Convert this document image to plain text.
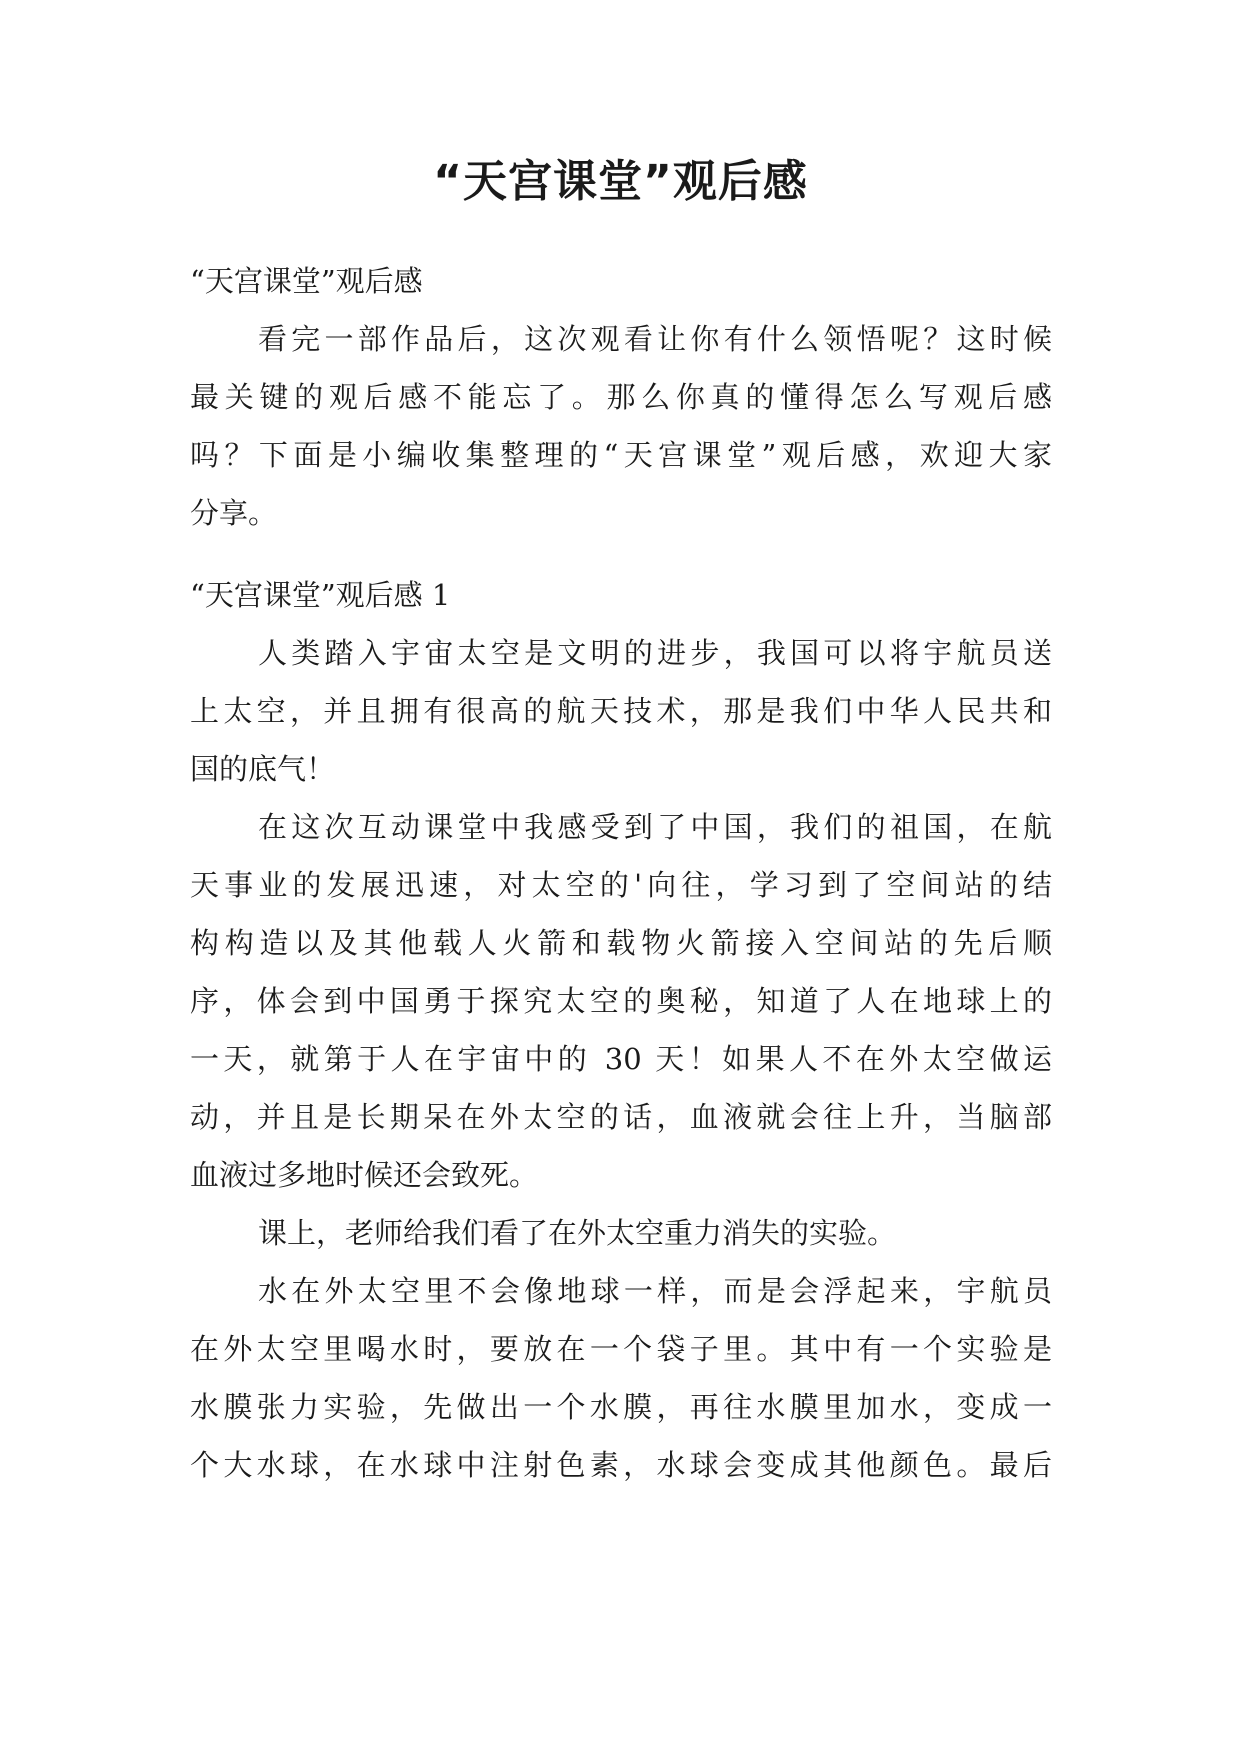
“天宫课堂”观后感
“天宫课堂”观后感
看完一部作品后，这次观看让你有什么领悟呢？这时候
最关键的观后感不能忘了。那么你真的懂得怎么写观后感
吗？下面是小编收集整理的“天宫课堂”观后感，欢迎大家
分享。
“天宫课堂”观后感 1
人类踏入宇宙太空是文明的进步，我国可以将宇航员送
上太空，并且拥有很高的航天技术，那是我们中华人民共和
国的底气！
在这次互动课堂中我感受到了中国，我们的祖国，在航
天事业的发展迅速，对太空的'向往，学习到了空间站的结
构构造以及其他载人火箭和载物火箭接入空间站的先后顺
序，体会到中国勇于探究太空的奥秘，知道了人在地球上的
一天，就第于人在宇宙中的 30 天！如果人不在外太空做运
动，并且是长期呆在外太空的话，血液就会往上升，当脑部
血液过多地时候还会致死。
课上，老师给我们看了在外太空重力消失的实验。
水在外太空里不会像地球一样，而是会浮起来，宇航员
在外太空里喝水时，要放在一个袋子里。其中有一个实验是
水膜张力实验，先做出一个水膜，再往水膜里加水，变成一
个大水球，在水球中注射色素，水球会变成其他颜色。最后
